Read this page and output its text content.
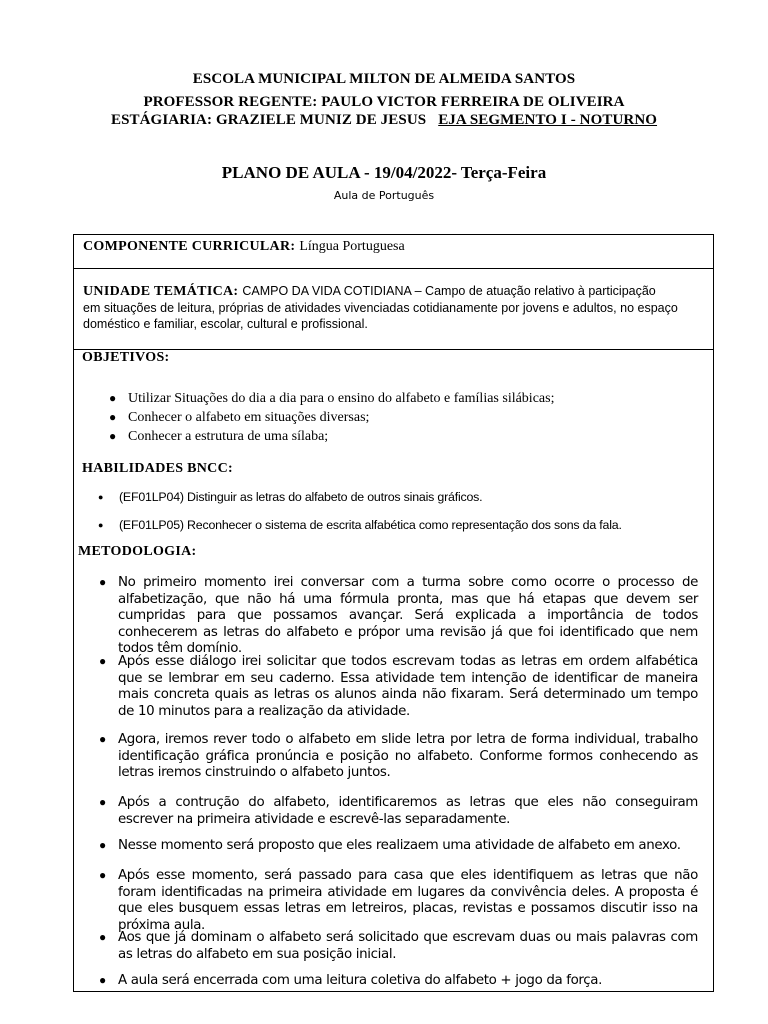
ESCOLA MUNICIPAL MILTON DE ALMEIDA SANTOS
PROFESSOR REGENTE: PAULO VICTOR FERREIRA DE OLIVEIRA
ESTÁGIARIA: GRAZIELE MUNIZ DE JESUS EJA SEGMENTO I - NOTURNO
PLANO DE AULA - 19/04/2022- Terça-Feira
Aula de Português
COMPONENTE CURRICULAR: Língua Portuguesa
UNIDADE TEMÁTICA: CAMPO DA VIDA COTIDIANA – Campo de atuação relativo à participação
em situações de leitura, próprias de atividades vivenciadas cotidianamente por jovens e adultos, no espaço
doméstico e familiar, escolar, cultural e profissional.
OBJETIVOS:
● Utilizar Situações do dia a dia para o ensino do alfabeto e famílias silábicas;
● Conhecer o alfabeto em situações diversas;
● Conhecer a estrutura de uma sílaba;
HABILIDADES BNCC:
● (EF01LP04) Distinguir as letras do alfabeto de outros sinais gráficos.
● (EF01LP05) Reconhecer o sistema de escrita alfabética como representação dos sons da fala.
METODOLOGIA:
● No primeiro momento irei conversar com a turma sobre como ocorre o processo de alfabetização, que não há uma fórmula pronta, mas que há etapas que devem ser cumpridas para que possamos avançar. Será explicada a importância de todos conhecerem as letras do alfabeto e própor uma revisão já que foi identificado que nem todos têm domínio.

● Após esse diálogo irei solicitar que todos escrevam todas as letras em ordem alfabética que se lembrar em seu caderno. Essa atividade tem intenção de identificar de maneira mais concreta quais as letras os alunos ainda não fixaram. Será determinado um tempo de 10 minutos para a realização da atividade.

● Agora, iremos rever todo o alfabeto em slide letra por letra de forma individual, trabalho identificação gráfica pronúncia e posição no alfabeto. Conforme formos conhecendo as letras iremos cinstruindo o alfabeto juntos.

● Após a contrução do alfabeto, identificaremos as letras que eles não conseguiram escrever na primeira atividade e escrevê-las separadamente.

● Nesse momento será proposto que eles realizaem uma atividade de alfabeto em anexo.

● Após esse momento, será passado para casa que eles identifiquem as letras que não foram identificadas na primeira atividade em lugares da convivência deles. A proposta é que eles busquem essas letras em letreiros, placas, revistas e possamos discutir isso na próxima aula.

● Aos que já dominam o alfabeto será solicitado que escrevam duas ou mais palavras com as letras do alfabeto em sua posição inicial.

● A aula será encerrada com uma leitura coletiva do alfabeto + jogo da força.
